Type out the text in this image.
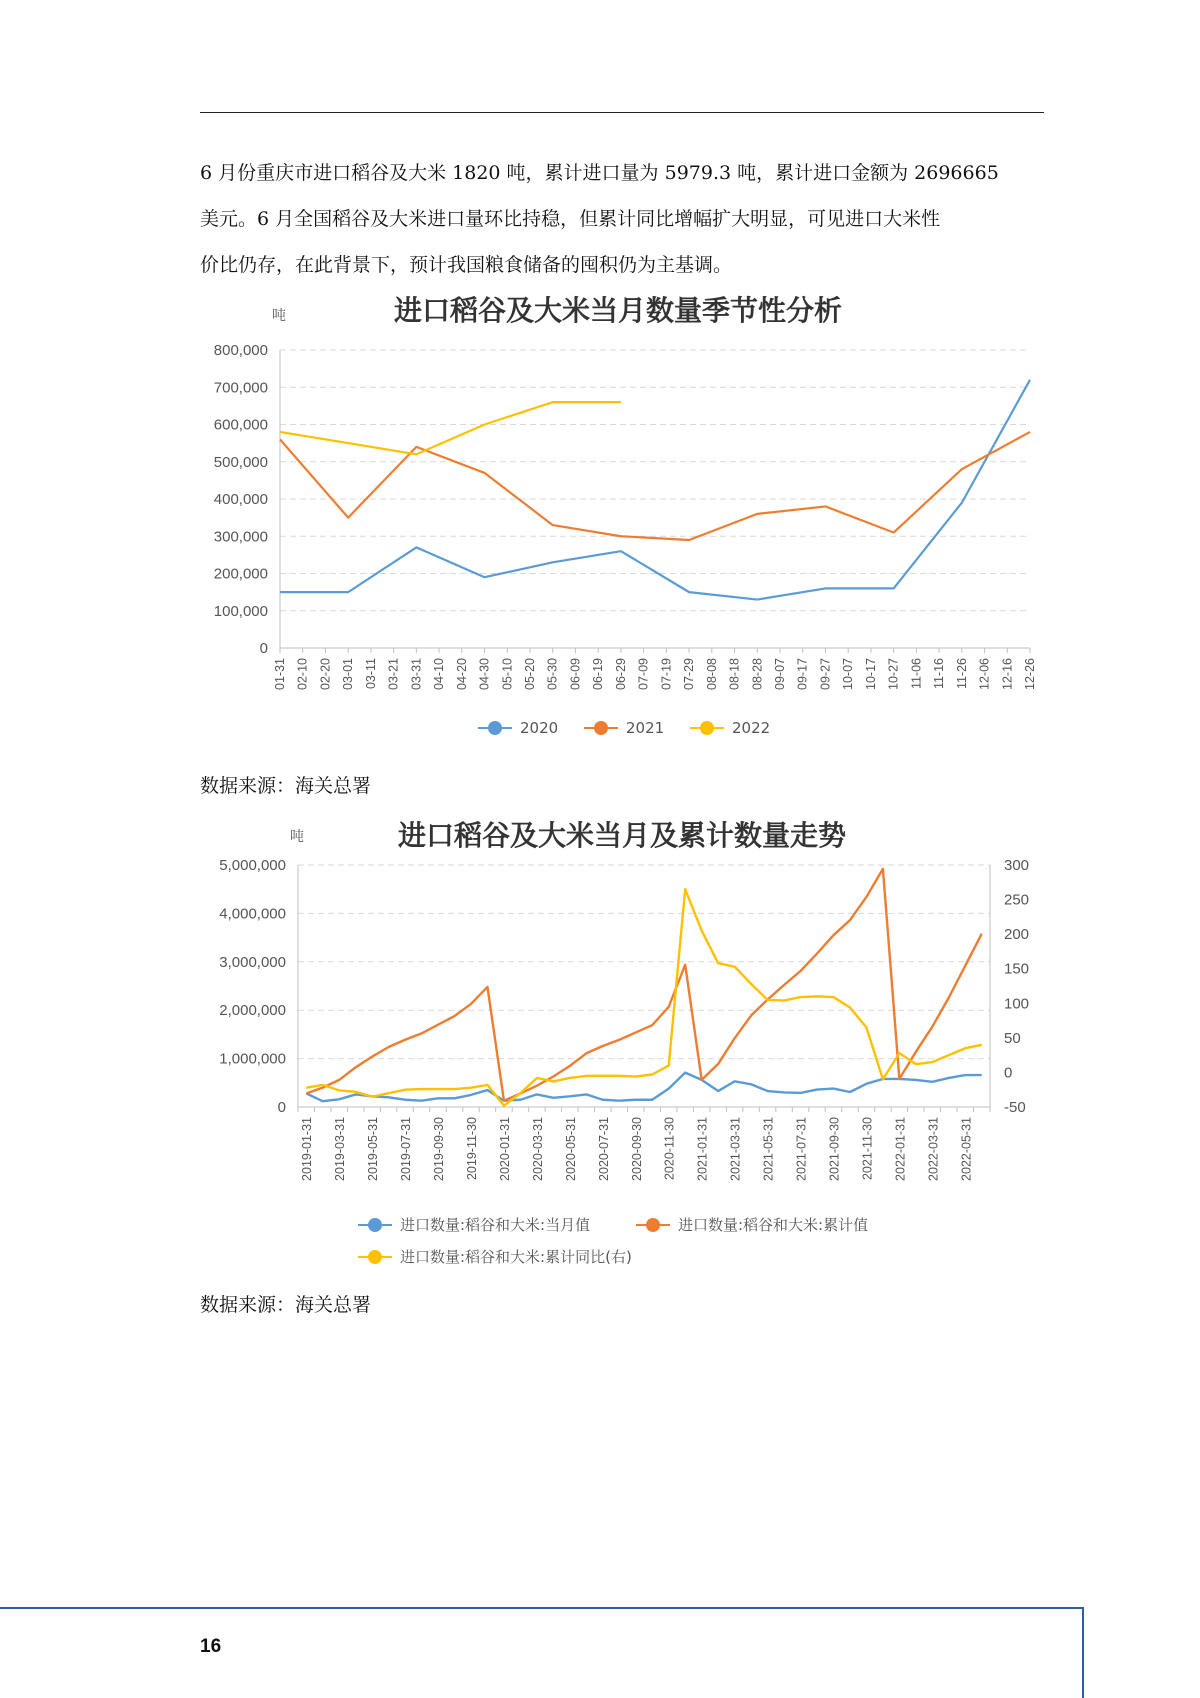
6 月份重庆市进口稻谷及大米 1820 吨，累计进口量为 5979.3 吨，累计进口金额为 2696665

美元。6 月全国稻谷及大米进口量环比持稳，但累计同比增幅扩大明显，可见进口大米性

价比仍存，在此背景下，预计我国粮食储备的囤积仍为主基调。

吨	进口稻谷及大米当月数量季节性分析
0
100,000
200,000
300,000
400,000
500,000
600,000
700,000
800,000
01-31 02-10 02-20 03-01 03-11 03-21 03-31 04-10 04-20 04-30 05-10 05-20 05-30 06-09 06-19 06-29 07-09 07-19 07-29 08-08 08-18 08-28 09-07 09-17 09-27 10-07 10-17 10-27 11-06 11-16 11-26 12-06 12-16 12-26
2020	2021	2022
数据来源：海关总署
吨	进口稻谷及大米当月及累计数量走势
0
1,000,000
2,000,000
3,000,000
4,000,000
5,000,000
-50
0
50
100
150
200
250
300
2019-01-31 2019-03-31 2019-05-31 2019-07-31 2019-09-30 2019-11-30 2020-01-31 2020-03-31 2020-05-31 2020-07-31 2020-09-30 2020-11-30 2021-01-31 2021-03-31 2021-05-31 2021-07-31 2021-09-30 2021-11-30 2022-01-31 2022-03-31 2022-05-31
进口数量:稻谷和大米:当月值	进口数量:稻谷和大米:累计值
进口数量:稻谷和大米:累计同比(右)
数据来源：海关总署
16
